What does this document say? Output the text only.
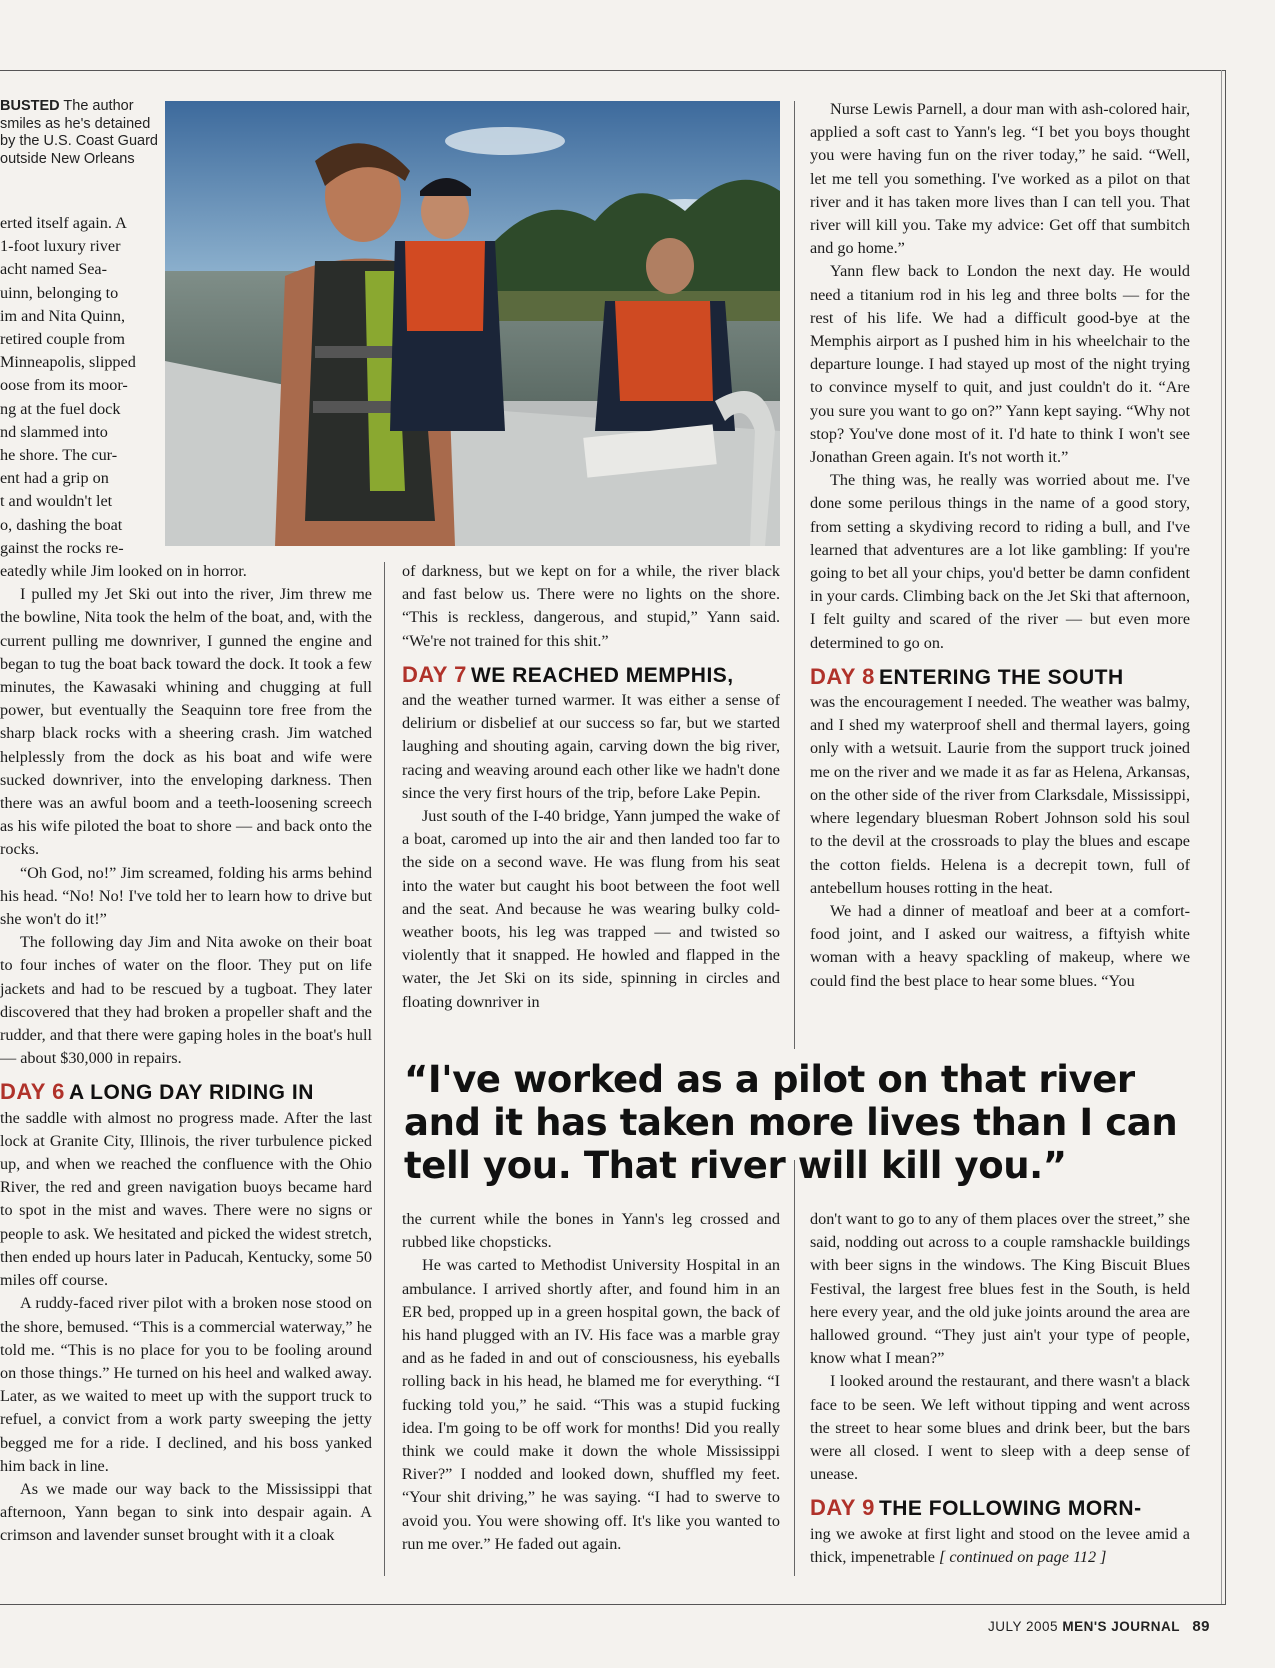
BUSTED The author smiles as he's detained by the U.S. Coast Guard outside New Orleans
erted itself again. A
1-foot luxury river
acht named Sea-
uinn, belonging to
im and Nita Quinn,
retired couple from
Minneapolis, slipped
oose from its moor-
ng at the fuel dock
nd slammed into
he shore. The cur-
ent had a grip on
t and wouldn't let
o, dashing the boat
gainst the rocks re-

eatedly while Jim looked on in horror.

I pulled my Jet Ski out into the river, Jim threw me the bowline, Nita took the helm of the boat, and, with the current pulling me downriver, I gunned the engine and began to tug the boat back toward the dock. It took a few minutes, the Kawasaki whining and chugging at full power, but eventually the Seaquinn tore free from the sharp black rocks with a sheering crash. Jim watched helplessly from the dock as his boat and wife were sucked downriver, into the enveloping darkness. Then there was an awful boom and a teeth-loosening screech as his wife piloted the boat to shore — and back onto the rocks.

“Oh God, no!” Jim screamed, folding his arms behind his head. “No! No! I've told her to learn how to drive but she won't do it!”

The following day Jim and Nita awoke on their boat to four inches of water on the floor. They put on life jackets and had to be rescued by a tugboat. They later discovered that they had broken a propeller shaft and the rudder, and that there were gaping holes in the boat's hull — about $30,000 in repairs.

DAY 6 A LONG DAY RIDING IN

the saddle with almost no progress made. After the last lock at Granite City, Illinois, the river turbulence picked up, and when we reached the confluence with the Ohio River, the red and green navigation buoys became hard to spot in the mist and waves. There were no signs or people to ask. We hesitated and picked the widest stretch, then ended up hours later in Paducah, Kentucky, some 50 miles off course.

A ruddy-faced river pilot with a broken nose stood on the shore, bemused. “This is a commercial waterway,” he told me. “This is no place for you to be fooling around on those things.” He turned on his heel and walked away. Later, as we waited to meet up with the support truck to refuel, a convict from a work party sweeping the jetty begged me for a ride. I declined, and his boss yanked him back in line.

As we made our way back to the Mississippi that afternoon, Yann began to sink into despair again. A crimson and lavender sunset brought with it a cloak

of darkness, but we kept on for a while, the river black and fast below us. There were no lights on the shore. “This is reckless, dangerous, and stupid,” Yann said. “We're not trained for this shit.”

DAY 7 WE REACHED MEMPHIS,

and the weather turned warmer. It was either a sense of delirium or disbelief at our success so far, but we started laughing and shouting again, carving down the big river, racing and weaving around each other like we hadn't done since the very first hours of the trip, before Lake Pepin.

Just south of the I-40 bridge, Yann jumped the wake of a boat, caromed up into the air and then landed too far to the side on a second wave. He was flung from his seat into the water but caught his boot between the foot well and the seat. And because he was wearing bulky cold-weather boots, his leg was trapped — and twisted so violently that it snapped. He howled and flapped in the water, the Jet Ski on its side, spinning in circles and floating downriver in

Nurse Lewis Parnell, a dour man with ash-colored hair, applied a soft cast to Yann's leg. “I bet you boys thought you were having fun on the river today,” he said. “Well, let me tell you something. I've worked as a pilot on that river and it has taken more lives than I can tell you. That river will kill you. Take my advice: Get off that sumbitch and go home.”

Yann flew back to London the next day. He would need a titanium rod in his leg and three bolts — for the rest of his life. We had a difficult good-bye at the Memphis airport as I pushed him in his wheelchair to the departure lounge. I had stayed up most of the night trying to convince myself to quit, and just couldn't do it. “Are you sure you want to go on?” Yann kept saying. “Why not stop? You've done most of it. I'd hate to think I won't see Jonathan Green again. It's not worth it.”

The thing was, he really was worried about me. I've done some perilous things in the name of a good story, from setting a skydiving record to riding a bull, and I've learned that adventures are a lot like gambling: If you're going to bet all your chips, you'd better be damn confident in your cards. Climbing back on the Jet Ski that afternoon, I felt guilty and scared of the river — but even more determined to go on.

DAY 8 ENTERING THE SOUTH

was the encouragement I needed. The weather was balmy, and I shed my waterproof shell and thermal layers, going only with a wetsuit. Laurie from the support truck joined me on the river and we made it as far as Helena, Arkansas, on the other side of the river from Clarksdale, Mississippi, where legendary bluesman Robert Johnson sold his soul to the devil at the crossroads to play the blues and escape the cotton fields. Helena is a decrepit town, full of antebellum houses rotting in the heat.

We had a dinner of meatloaf and beer at a comfort-food joint, and I asked our waitress, a fiftyish white woman with a heavy spackling of makeup, where we could find the best place to hear some blues. “You

“I've worked as a pilot on that river and it has taken more lives than I can tell you. That river will kill you.”

the current while the bones in Yann's leg crossed and rubbed like chopsticks.

He was carted to Methodist University Hospital in an ambulance. I arrived shortly after, and found him in an ER bed, propped up in a green hospital gown, the back of his hand plugged with an IV. His face was a marble gray and as he faded in and out of consciousness, his eyeballs rolling back in his head, he blamed me for everything. “I fucking told you,” he said. “This was a stupid fucking idea. I'm going to be off work for months! Did you really think we could make it down the whole Mississippi River?” I nodded and looked down, shuffled my feet. “Your shit driving,” he was saying. “I had to swerve to avoid you. You were showing off. It's like you wanted to run me over.” He faded out again.

don't want to go to any of them places over the street,” she said, nodding out across to a couple ramshackle buildings with beer signs in the windows. The King Biscuit Blues Festival, the largest free blues fest in the South, is held here every year, and the old juke joints around the area are hallowed ground. “They just ain't your type of people, know what I mean?”

I looked around the restaurant, and there wasn't a black face to be seen. We left without tipping and went across the street to hear some blues and drink beer, but the bars were all closed. I went to sleep with a deep sense of unease.

DAY 9 THE FOLLOWING MORN-

ing we awoke at first light and stood on the levee amid a thick, impenetrable [ continued on page 112 ]

JULY 2005 MEN'S JOURNAL 89
